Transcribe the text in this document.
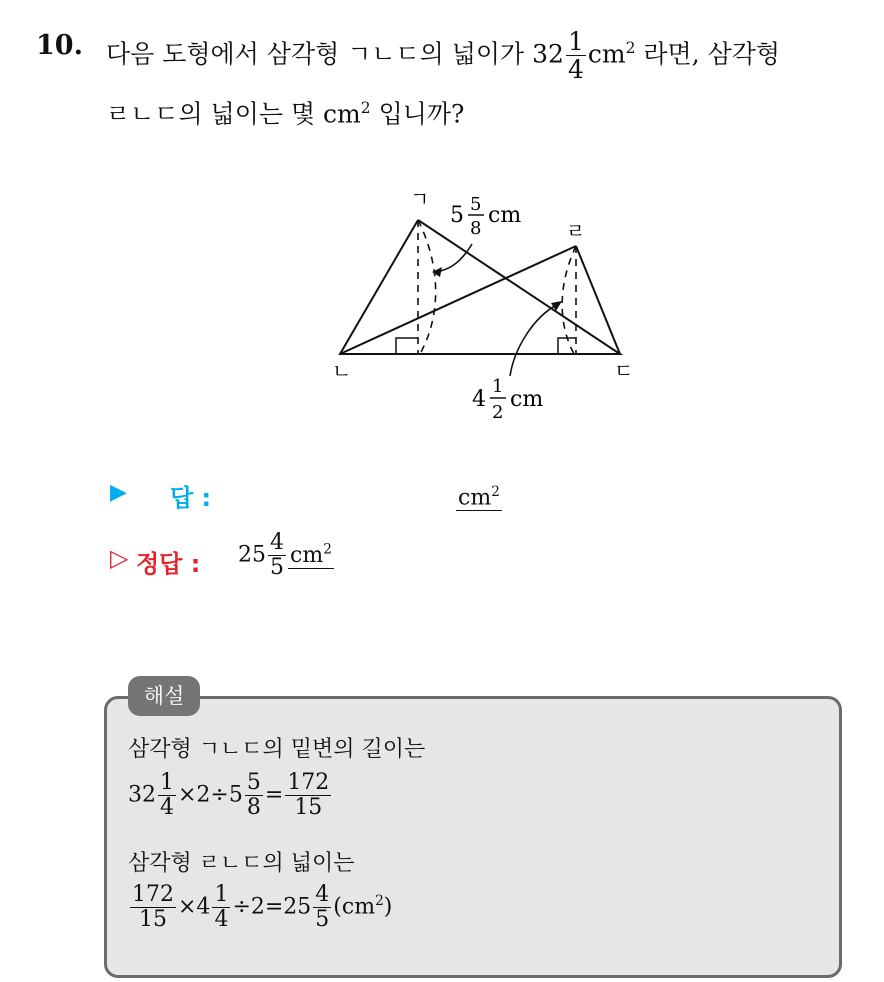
10. 다음 도형에서 삼각형 ㄱㄴㄷ의 넓이가 $32 \frac{1}{4} cm^2$ 라면, 삼각형
ㄹㄴㄷ의 넓이는 몇 $cm^2$ 입니까?
ㄱ
ㄴ	ㄷ
ㄹ
5 5
8
cm
4
1
2
cm
▶ 답 :	$cm^2$
▷ 정답 : $25 \frac{4}{5} cm^2$
해설
삼각형 ㄱㄴㄷ의 밑변의 길이는
$32 \frac{1}{4} \times 2\div 5 \frac{5}{8} = \frac{172}{15}$
삼각형 ㄹㄴㄷ의 넓이는
$\frac{172}{15} \times 4 \frac{1}{4} \div 2=25 \frac{4}{5} (cm^2)$
